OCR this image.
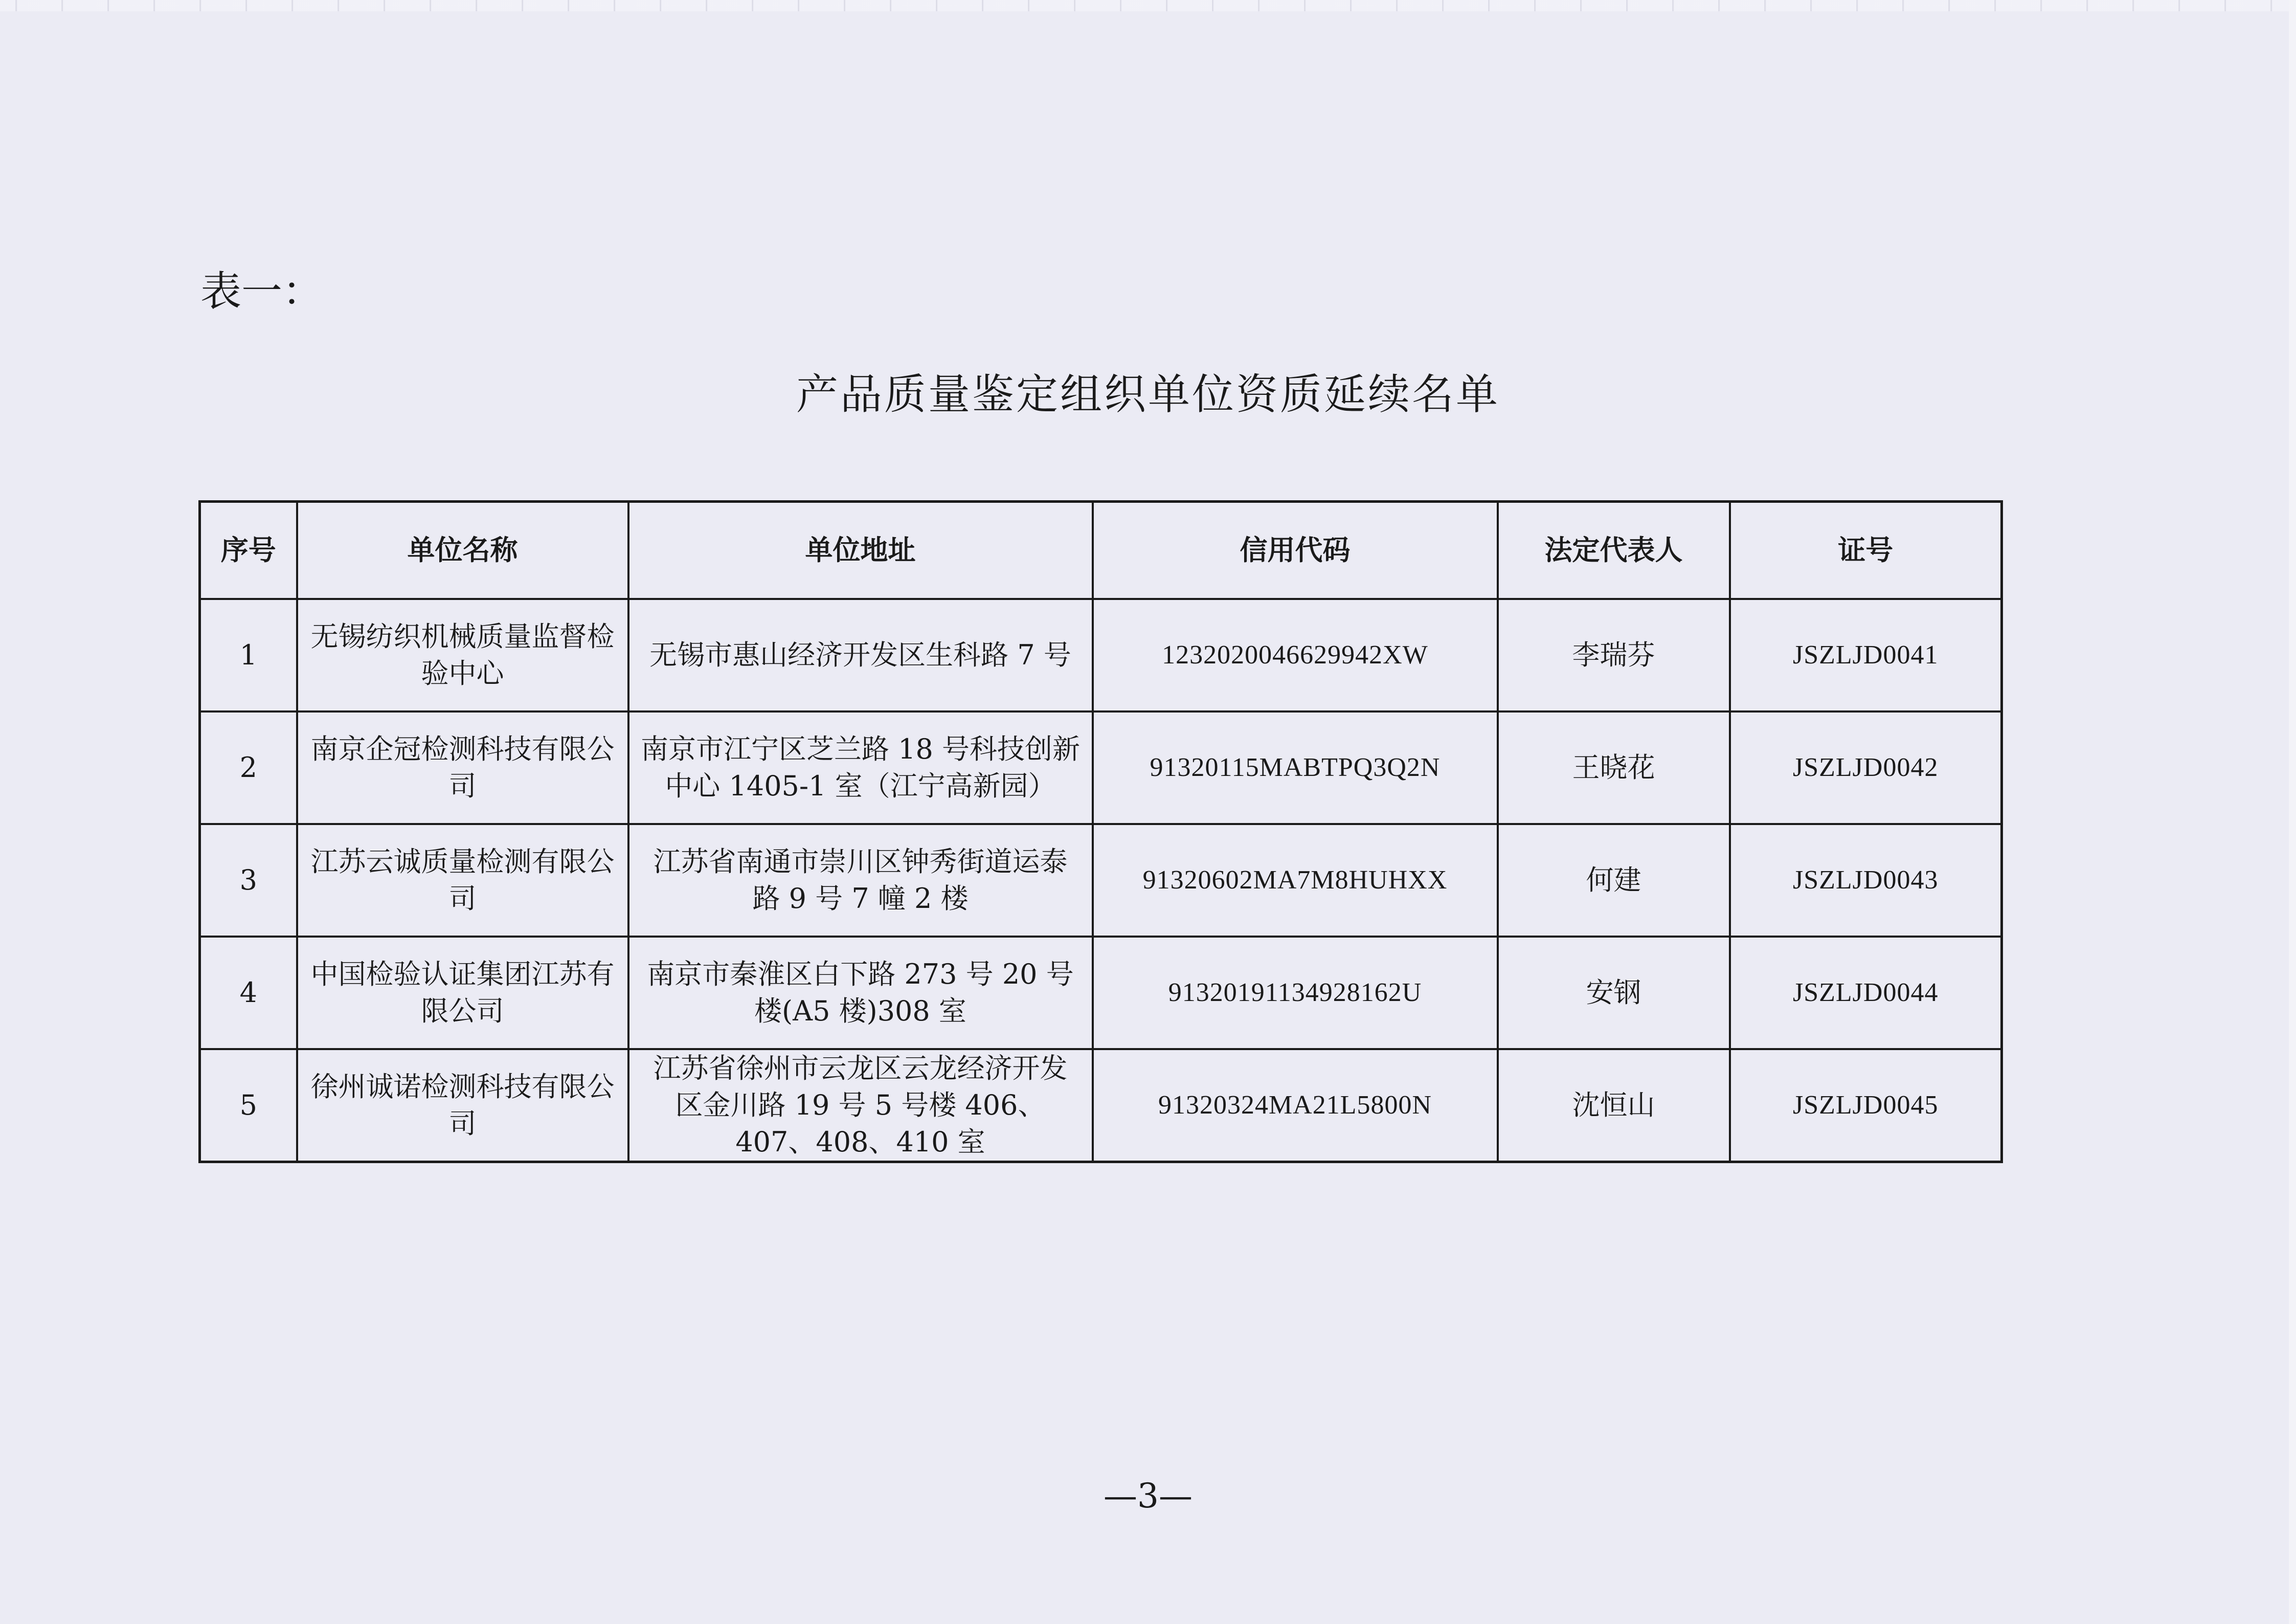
表一：
产品质量鉴定组织单位资质延续名单
序号	单位名称	单位地址	信用代码	法定代表人	证号
1	无锡纺织机械质量监督检验中心	无锡市惠山经济开发区生科路 7 号	1232020046629942XW	李瑞芬	JSZLJD0041
2	南京企冠检测科技有限公司	南京市江宁区芝兰路 18 号科技创新中心 1405-1 室（江宁高新园）	91320115MABTPQ3Q2N	王晓花	JSZLJD0042
3	江苏云诚质量检测有限公司	江苏省南通市崇川区钟秀街道运泰路 9 号 7 幢 2 楼	91320602MA7M8HUHXX	何建	JSZLJD0043
4	中国检验认证集团江苏有限公司	南京市秦淮区白下路 273 号 20 号楼(A5 楼)308 室	91320191134928162U	安钢	JSZLJD0044
5	徐州诚诺检测科技有限公司	江苏省徐州市云龙区云龙经济开发区金川路 19 号 5 号楼 406、407、408、410 室	91320324MA21L5800N	沈恒山	JSZLJD0045
—3—
